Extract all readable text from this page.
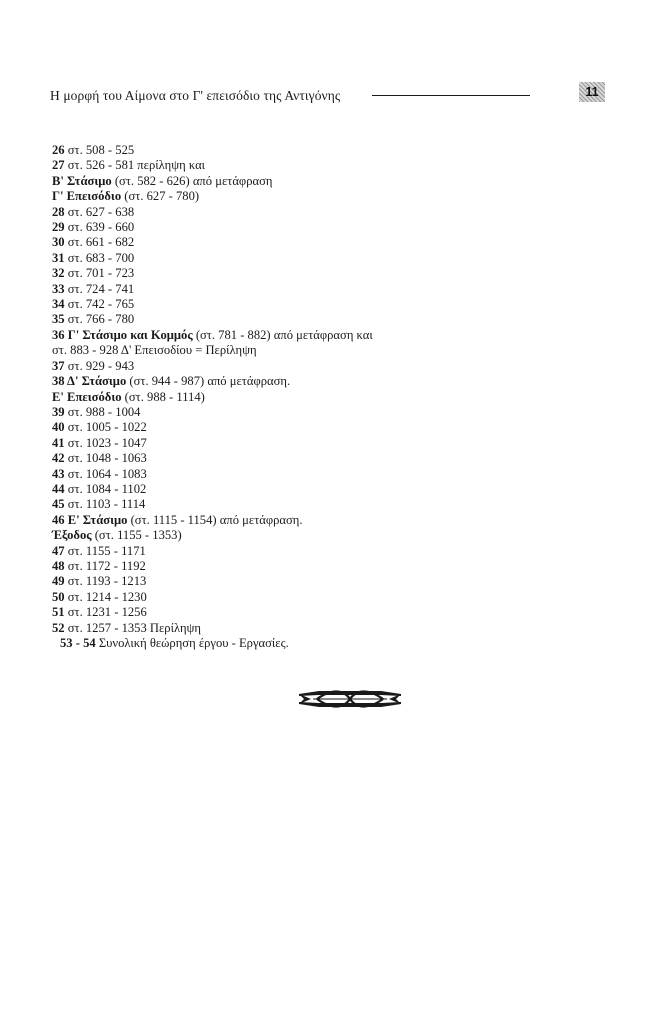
Η μορφή του Αίμονα στο Γ' επεισόδιο της Αντιγόνης	11
26 στ. 508 - 525
27 στ. 526 - 581 περίληψη και
Β' Στάσιμο (στ. 582 - 626) από μετάφραση
Γ' Επεισόδιο (στ. 627 - 780)
28 στ. 627 - 638
29 στ. 639 - 660
30 στ. 661 - 682
31 στ. 683 - 700
32 στ. 701 - 723
33 στ. 724 - 741
34 στ. 742 - 765
35 στ. 766 - 780
36 Γ' Στάσιμο και Κομμός (στ. 781 - 882) από μετάφραση και
στ. 883 - 928 Δ' Επεισοδίου = Περίληψη
37 στ. 929 - 943
38 Δ' Στάσιμο (στ. 944 - 987) από μετάφραση.
Ε' Επεισόδιο (στ. 988 - 1114)
39 στ. 988 - 1004
40 στ. 1005 - 1022
41 στ. 1023 - 1047
42 στ. 1048 - 1063
43 στ. 1064 - 1083
44 στ. 1084 - 1102
45 στ. 1103 - 1114
46 Ε' Στάσιμο (στ. 1115 - 1154) από μετάφραση.
Έξοδος (στ. 1155 - 1353)
47 στ. 1155 - 1171
48 στ. 1172 - 1192
49 στ. 1193 - 1213
50 στ. 1214 - 1230
51 στ. 1231 - 1256
52 στ. 1257 - 1353 Περίληψη
53 - 54 Συνολική θεώρηση έργου - Εργασίες.
